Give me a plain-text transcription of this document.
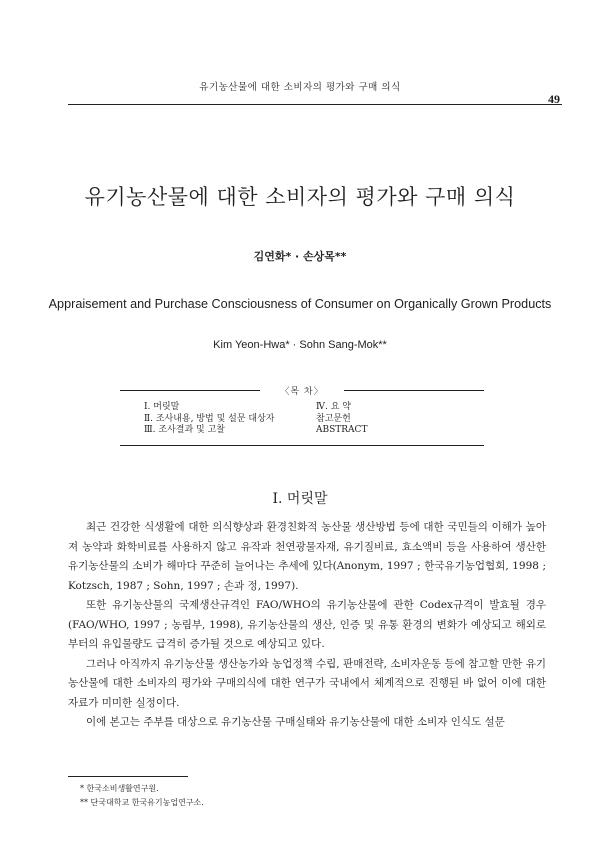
유기농산물에 대한 소비자의 평가와 구매 의식
49
유기농산물에 대한 소비자의 평가와 구매 의식
김연화* · 손상목**
Appraisement and Purchase Consciousness of Consumer on Organically Grown Products
Kim Yeon-Hwa* · Sohn Sang-Mok**
〈목 차〉
Ⅰ. 머릿말
Ⅱ. 조사내용, 방법 및 설문 대상자
Ⅲ. 조사결과 및 고찰
Ⅳ. 요 약
참고문헌
ABSTRACT
Ⅰ. 머릿말

최근 건강한 식생활에 대한 의식향상과 환경친화적 농산물 생산방법 등에 대한 국민들의 이해가 높아져 농약과 화학비료를 사용하지 않고 유작과 천연광물자재, 유기질비료, 효소액비 등을 사용하여 생산한 유기농산물의 소비가 해마다 꾸준히 늘어나는 추세에 있다(Anonym, 1997 ; 한국유기농업협회, 1998 ; Kotzsch, 1987 ; Sohn, 1997 ; 손과 정, 1997).

또한 유기농산물의 국제생산규격인 FAO/WHO의 유기농산물에 관한 Codex규격이 발효될 경우(FAO/WHO, 1997 ; 농림부, 1998), 유기농산물의 생산, 인증 및 유통 환경의 변화가 예상되고 해외로 부터의 유입물량도 급격히 증가될 것으로 예상되고 있다.

그러나 아직까지 유기농산물 생산농가와 농업정책 수립, 판매전략, 소비자운동 등에 참고할 만한 유기농산물에 대한 소비자의 평가와 구매의식에 대한 연구가 국내에서 체계적으로 진행된 바 없어 이에 대한 자료가 미미한 실정이다.

이에 본고는 주부를 대상으로 유기농산물 구매실태와 유기농산물에 대한 소비자 인식도 설문

* 한국소비생활연구원.
** 단국대학교 한국유기농업연구소.
